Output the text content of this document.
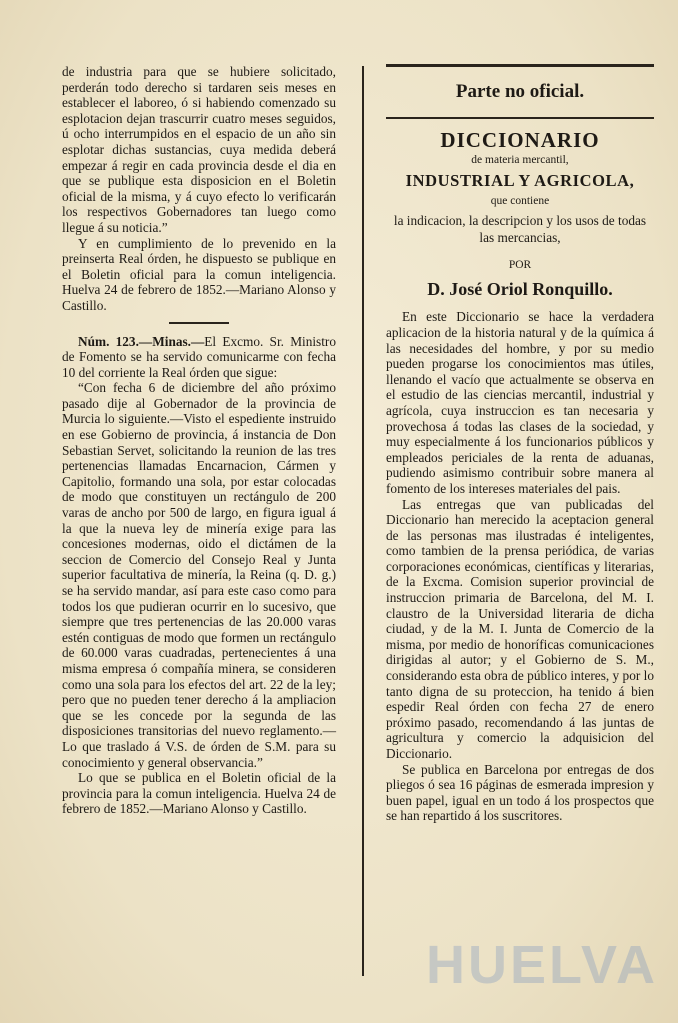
de industria para que se hubiere solicitado, perderán todo derecho si tardaren seis meses en establecer el laboreo, ó si habiendo comenzado su esplotacion dejan trascurrir cuatro meses seguidos, ú ocho interrumpidos en el espacio de un año sin esplotar dichas sustancias, cuya medida deberá empezar á regir en cada provincia desde el dia en que se publique esta disposicion en el Boletin oficial de la misma, y á cuyo efecto lo verificarán los respectivos Gobernadores tan luego como llegue á su noticia.”

Y en cumplimiento de lo prevenido en la preinserta Real órden, he dispuesto se publique en el Boletin oficial para la comun inteligencia. Huelva 24 de febrero de 1852.—Mariano Alonso y Castillo.

Núm. 123.—Minas.—El Excmo. Sr. Ministro de Fomento se ha servido comunicarme con fecha 10 del corriente la Real órden que sigue:

“Con fecha 6 de diciembre del año próximo pasado dije al Gobernador de la provincia de Murcia lo siguiente.—Visto el espediente instruido en ese Gobierno de provincia, á instancia de Don Sebastian Servet, solicitando la reunion de las tres pertenencias llamadas Encarnacion, Cármen y Capitolio, formando una sola, por estar colocadas de modo que constituyen un rectángulo de 200 varas de ancho por 500 de largo, en figura igual á la que la nueva ley de minería exige para las concesiones modernas, oido el dictámen de la seccion de Comercio del Consejo Real y Junta superior facultativa de minería, la Reina (q. D. g.) se ha servido mandar, así para este caso como para todos los que pudieran ocurrir en lo sucesivo, que siempre que tres pertenencias de las 20.000 varas estén contiguas de modo que formen un rectángulo de 60.000 varas cuadradas, pertenecientes á una misma empresa ó compañía minera, se consideren como una sola para los efectos del art. 22 de la ley; pero que no pueden tener derecho á la ampliacion que se les concede por la segunda de las disposiciones transitorias del nuevo reglamento.—Lo que traslado á V.S. de órden de S.M. para su conocimiento y general observancia.”

Lo que se publica en el Boletin oficial de la provincia para la comun inteligencia. Huelva 24 de febrero de 1852.—Mariano Alonso y Castillo.

Parte no oficial.
DICCIONARIO
de materia mercantil,
INDUSTRIAL Y AGRICOLA,
que contiene
la indicacion, la descripcion y los usos de todas las mercancias,
POR
D. José Oriol Ronquillo.

En este Diccionario se hace la verdadera aplicacion de la historia natural y de la química á las necesidades del hombre, y por su medio pueden progarse los conocimientos mas útiles, llenando el vacío que actualmente se observa en el estudio de las ciencias mercantil, industrial y agrícola, cuya instruccion es tan necesaria y provechosa á todas las clases de la sociedad, y muy especialmente á los funcionarios públicos y empleados periciales de la renta de aduanas, pudiendo asimismo contribuir sobre manera al fomento de los intereses materiales del pais.

Las entregas que van publicadas del Diccionario han merecido la aceptacion general de las personas mas ilustradas é inteligentes, como tambien de la prensa periódica, de varias corporaciones económicas, científicas y literarias, de la Excma. Comision superior provincial de instruccion primaria de Barcelona, del M. I. claustro de la Universidad literaria de dicha ciudad, y de la M. I. Junta de Comercio de la misma, por medio de honoríficas comunicaciones dirigidas al autor; y el Gobierno de S. M., considerando esta obra de público interes, y por lo tanto digna de su proteccion, ha tenido á bien espedir Real órden con fecha 27 de enero próximo pasado, recomendando á las juntas de agricultura y comercio la adquisicion del Diccionario.

Se publica en Barcelona por entregas de dos pliegos ó sea 16 páginas de esmerada impresion y buen papel, igual en un todo á los prospectos que se han repartido á los suscritores.

HUELVA
